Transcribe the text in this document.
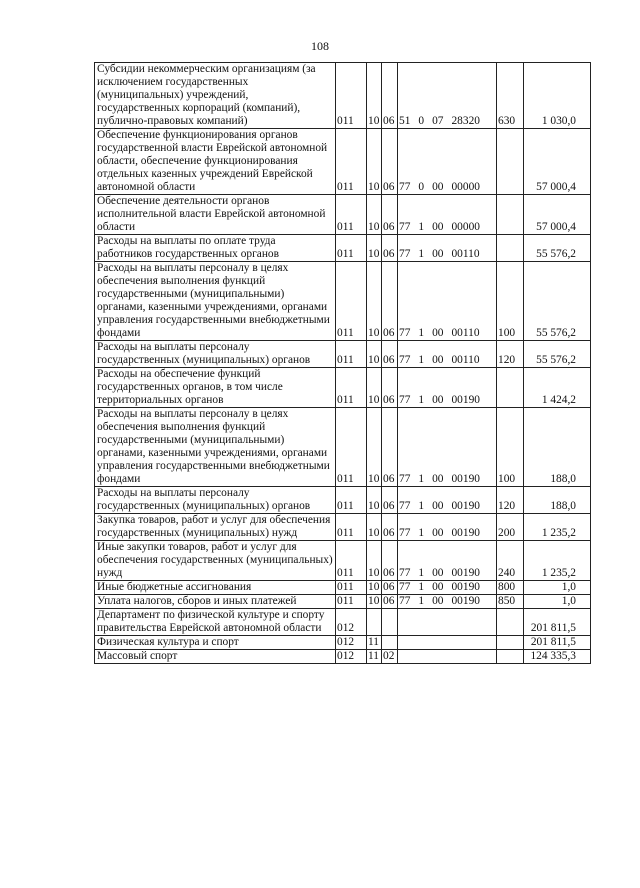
108
Субсидии некоммерческим организациям (за исключением государственных (муниципальных) учреждений, государственных корпораций (компаний), публично-правовых компаний)	011	10	06	51 0 07 28320	630	1 030,0
Обеспечение функционирования органов государственной власти Еврейской автономной области, обеспечение функционирования отдельных казенных учреждений Еврейской автономной области	011	10	06	77 0 00 00000		57 000,4
Обеспечение деятельности органов исполнительной власти Еврейской автономной области	011	10	06	77 1 00 00000		57 000,4
Расходы на выплаты по оплате труда работников государственных органов	011	10	06	77 1 00 00110		55 576,2
Расходы на выплаты персоналу в целях обеспечения выполнения функций государственными (муниципальными) органами, казенными учреждениями, органами управления государственными внебюджетными фондами	011	10	06	77 1 00 00110	100	55 576,2
Расходы на выплаты персоналу государственных (муниципальных) органов	011	10	06	77 1 00 00110	120	55 576,2
Расходы на обеспечение функций государственных органов, в том числе территориальных органов	011	10	06	77 1 00 00190		1 424,2
Расходы на выплаты персоналу в целях обеспечения выполнения функций государственными (муниципальными) органами, казенными учреждениями, органами управления государственными внебюджетными фондами	011	10	06	77 1 00 00190	100	188,0
Расходы на выплаты персоналу государственных (муниципальных) органов	011	10	06	77 1 00 00190	120	188,0
Закупка товаров, работ и услуг для обеспечения государственных (муниципальных) нужд	011	10	06	77 1 00 00190	200	1 235,2
Иные закупки товаров, работ и услуг для обеспечения государственных (муниципальных) нужд	011	10	06	77 1 00 00190	240	1 235,2
Иные бюджетные ассигнования	011	10	06	77 1 00 00190	800	1,0
Уплата налогов, сборов и иных платежей	011	10	06	77 1 00 00190	850	1,0
Департамент по физической культуре и спорту правительства Еврейской автономной области	012					201 811,5
Физическая культура и спорт	012	11				201 811,5
Массовый спорт	012	11	02			124 335,3
